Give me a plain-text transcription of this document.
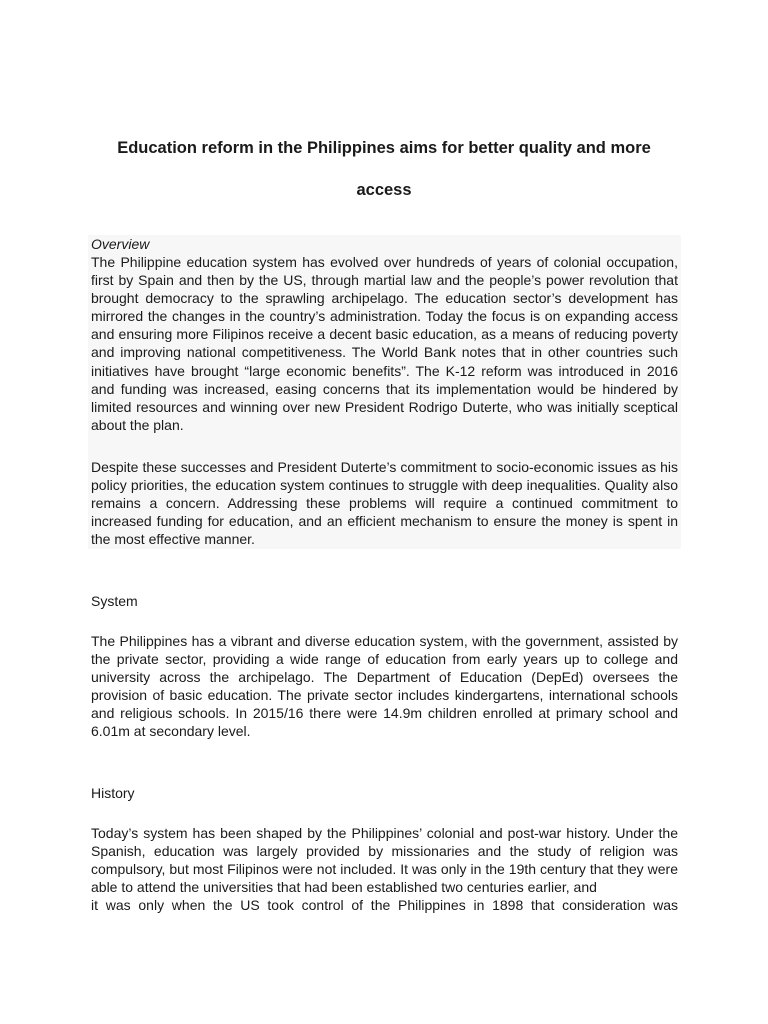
Education reform in the Philippines aims for better quality and more
access

Overview

The Philippine education system has evolved over hundreds of years of colonial occupation, first by Spain and then by the US, through martial law and the people’s power revolution that brought democracy to the sprawling archipelago. The education sector’s development has mirrored the changes in the country’s administration. Today the focus is on expanding access and ensuring more Filipinos receive a decent basic education, as a means of reducing poverty and improving national competitiveness. The World Bank notes that in other countries such initiatives have brought “large economic benefits”. The K-12 reform was introduced in 2016 and funding was increased, easing concerns that its implementation would be hindered by limited resources and winning over new President Rodrigo Duterte, who was initially sceptical about the plan.

Despite these successes and President Duterte’s commitment to socio-economic issues as his policy priorities, the education system continues to struggle with deep inequalities. Quality also remains a concern. Addressing these problems will require a continued commitment to increased funding for education, and an efficient mechanism to ensure the money is spent in the most effective manner.

System

The Philippines has a vibrant and diverse education system, with the government, assisted by the private sector, providing a wide range of education from early years up to college and university across the archipelago. The Department of Education (DepEd) oversees the provision of basic education. The private sector includes kindergartens, international schools and religious schools. In 2015/16 there were 14.9m children enrolled at primary school and 6.01m at secondary level.

History

Today’s system has been shaped by the Philippines’ colonial and post-war history. Under the Spanish, education was largely provided by missionaries and the study of religion was compulsory, but most Filipinos were not included. It was only in the 19th century that they were able to attend the universities that had been established two centuries earlier, and
it was only when the US took control of the Philippines in 1898 that consideration was
